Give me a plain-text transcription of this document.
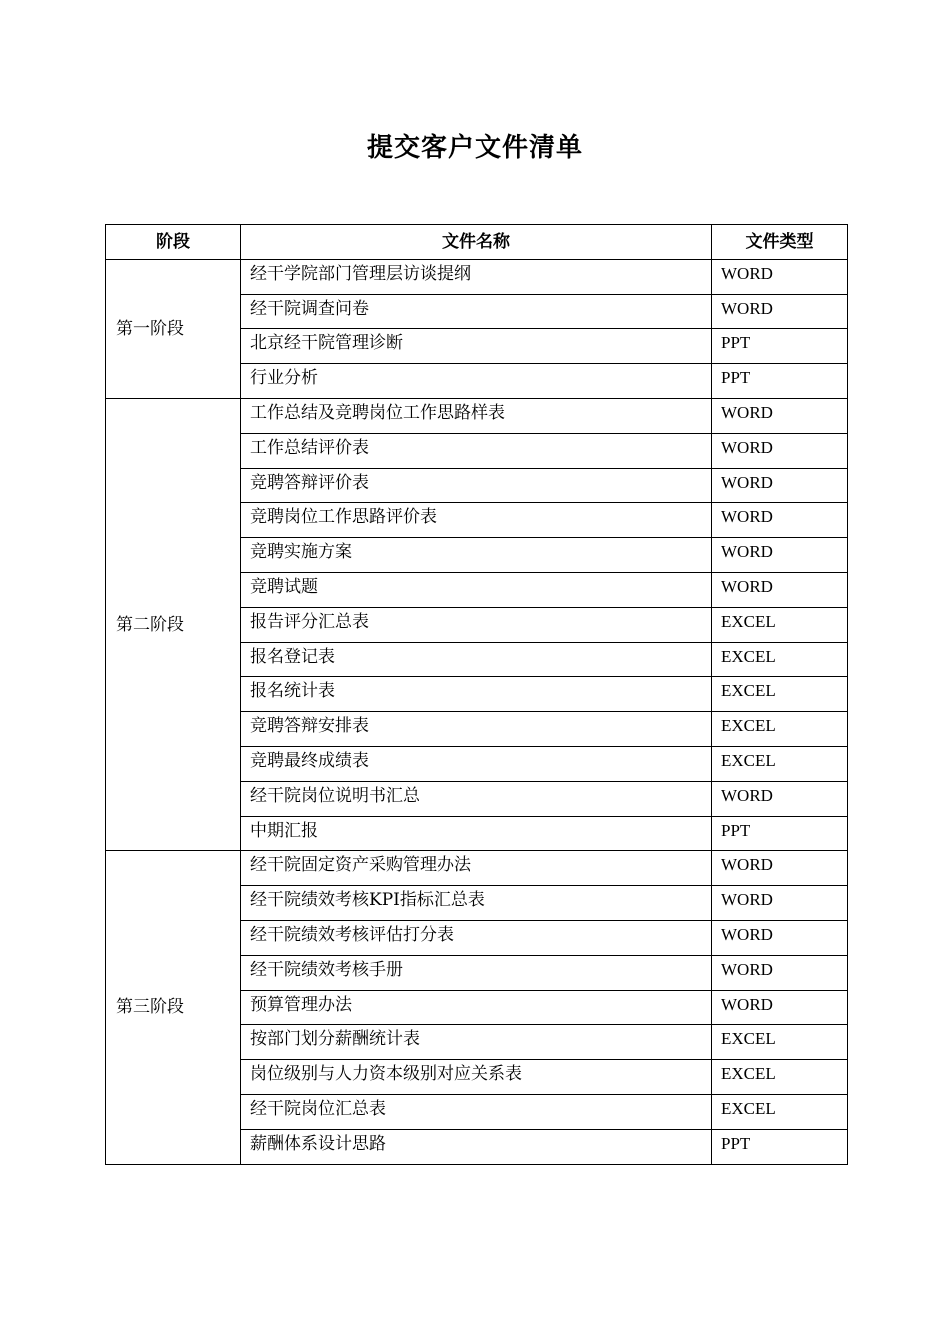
提交客户文件清单
阶段	文件名称	文件类型
第一阶段	经干学院部门管理层访谈提纲	WORD
	经干院调查问卷	WORD
	北京经干院管理诊断	PPT
	行业分析	PPT
第二阶段	工作总结及竞聘岗位工作思路样表	WORD
	工作总结评价表	WORD
	竞聘答辩评价表	WORD
	竞聘岗位工作思路评价表	WORD
	竞聘实施方案	WORD
	竞聘试题	WORD
	报告评分汇总表	EXCEL
	报名登记表	EXCEL
	报名统计表	EXCEL
	竞聘答辩安排表	EXCEL
	竞聘最终成绩表	EXCEL
	经干院岗位说明书汇总	WORD
	中期汇报	PPT
第三阶段	经干院固定资产采购管理办法	WORD
	经干院绩效考核KPI指标汇总表	WORD
	经干院绩效考核评估打分表	WORD
	经干院绩效考核手册	WORD
	预算管理办法	WORD
	按部门划分薪酬统计表	EXCEL
	岗位级别与人力资本级别对应关系表	EXCEL
	经干院岗位汇总表	EXCEL
	薪酬体系设计思路	PPT
